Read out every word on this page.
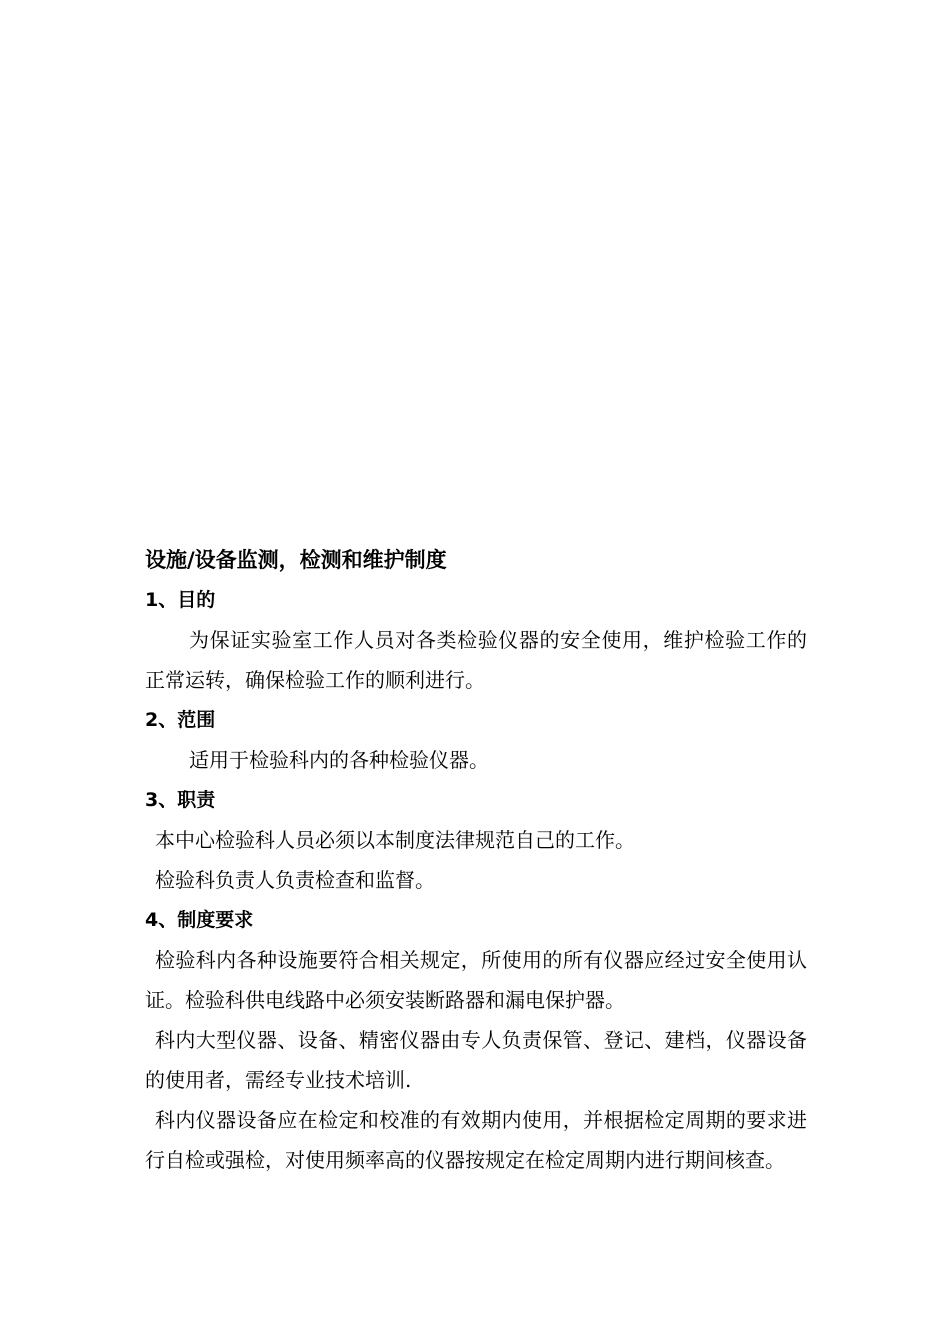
设施/设备监测，检测和维护制度

1、目的

为保证实验室工作人员对各类检验仪器的安全使用，维护检验工作的正常运转，确保检验工作的顺利进行。

2、范围

适用于检验科内的各种检验仪器。

3、职责

本中心检验科人员必须以本制度法律规范自己的工作。

检验科负责人负责检查和监督。

4、制度要求

检验科内各种设施要符合相关规定，所使用的所有仪器应经过安全使用认证。检验科供电线路中必须安装断路器和漏电保护器。

科内大型仪器、设备、精密仪器由专人负责保管、登记、建档，仪器设备的使用者，需经专业技术培训.

科内仪器设备应在检定和校准的有效期内使用，并根据检定周期的要求进行自检或强检，对使用频率高的仪器按规定在检定周期内进行期间核查。
